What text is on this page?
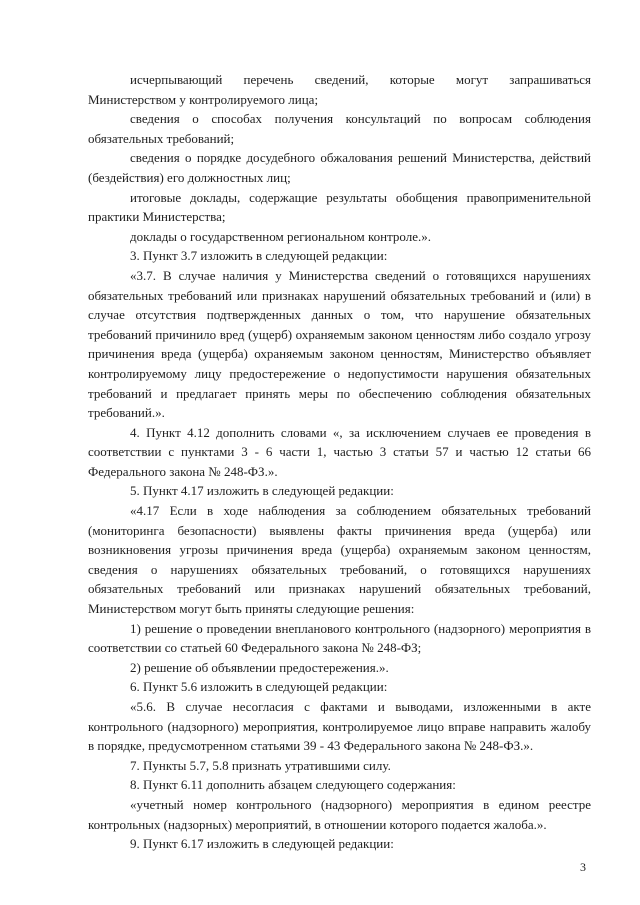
исчерпывающий перечень сведений, которые могут запрашиваться Министерством у контролируемого лица;

сведения о способах получения консультаций по вопросам соблюдения обязательных требований;

сведения о порядке досудебного обжалования решений Министерства, действий (бездействия) его должностных лиц;

итоговые доклады, содержащие результаты обобщения правоприменительной практики Министерства;

доклады о государственном региональном контроле.».

3. Пункт 3.7 изложить в следующей редакции:

«3.7. В случае наличия у Министерства сведений о готовящихся нарушениях обязательных требований или признаках нарушений обязательных требований и (или) в случае отсутствия подтвержденных данных о том, что нарушение обязательных требований причинило вред (ущерб) охраняемым законом ценностям либо создало угрозу причинения вреда (ущерба) охраняемым законом ценностям, Министерство объявляет контролируемому лицу предостережение о недопустимости нарушения обязательных требований и предлагает принять меры по обеспечению соблюдения обязательных требований.».

4. Пункт 4.12 дополнить словами «, за исключением случаев ее проведения в соответствии с пунктами 3 - 6 части 1, частью 3 статьи 57 и частью 12 статьи 66 Федерального закона № 248-ФЗ.».

5. Пункт 4.17 изложить в следующей редакции:

«4.17 Если в ходе наблюдения за соблюдением обязательных требований (мониторинга безопасности) выявлены факты причинения вреда (ущерба) или возникновения угрозы причинения вреда (ущерба) охраняемым законом ценностям, сведения о нарушениях обязательных требований, о готовящихся нарушениях обязательных требований или признаках нарушений обязательных требований, Министерством могут быть приняты следующие решения:

1) решение о проведении внепланового контрольного (надзорного) мероприятия в соответствии со статьей 60 Федерального закона № 248-ФЗ;

2) решение об объявлении предостережения.».

6. Пункт 5.6 изложить в следующей редакции:

«5.6. В случае несогласия с фактами и выводами, изложенными в акте контрольного (надзорного) мероприятия, контролируемое лицо вправе направить жалобу в порядке, предусмотренном статьями 39 - 43 Федерального закона № 248-ФЗ.».

7. Пункты 5.7, 5.8 признать утратившими силу.

8. Пункт 6.11 дополнить абзацем следующего содержания:

«учетный номер контрольного (надзорного) мероприятия в едином реестре контрольных (надзорных) мероприятий, в отношении которого подается жалоба.».

9. Пункт 6.17 изложить в следующей редакции:

3
